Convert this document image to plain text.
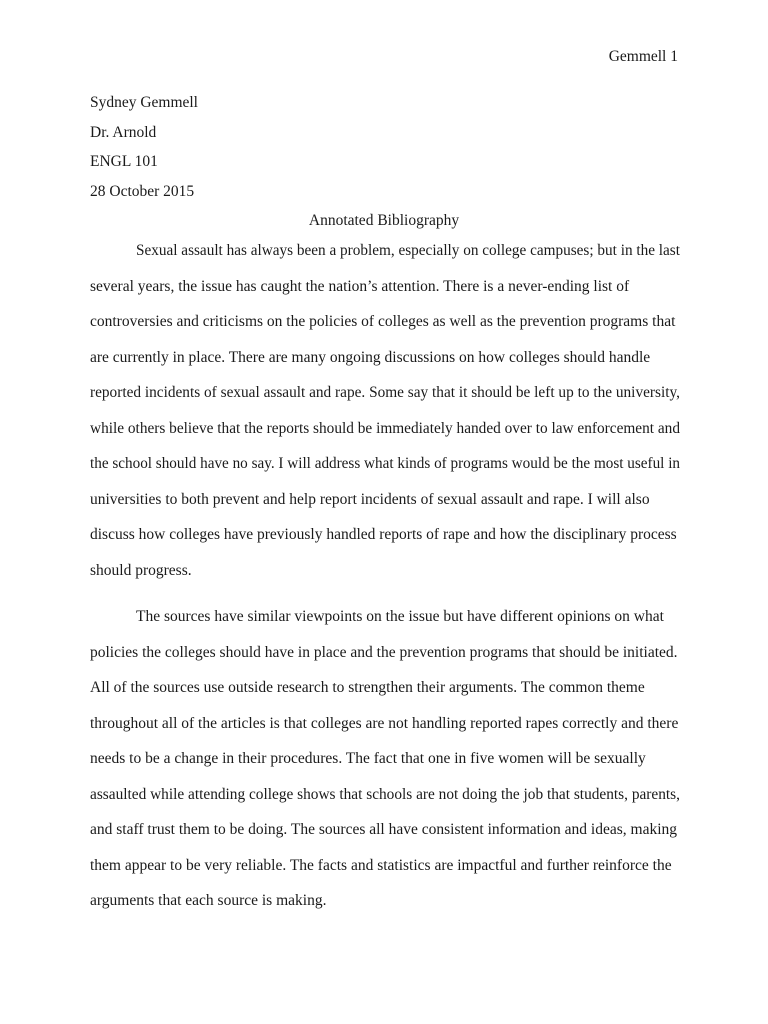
Gemmell 1
Sydney Gemmell
Dr. Arnold
ENGL 101
28 October 2015
Annotated Bibliography
Sexual assault has always been a problem, especially on college campuses; but in the last
several years, the issue has caught the nation’s attention. There is a never-ending list of
controversies and criticisms on the policies of colleges as well as the prevention programs that
are currently in place. There are many ongoing discussions on how colleges should handle
reported incidents of sexual assault and rape. Some say that it should be left up to the university,
while others believe that the reports should be immediately handed over to law enforcement and
the school should have no say. I will address what kinds of programs would be the most useful in
universities to both prevent and help report incidents of sexual assault and rape. I will also
discuss how colleges have previously handled reports of rape and how the disciplinary process
should progress.
The sources have similar viewpoints on the issue but have different opinions on what
policies the colleges should have in place and the prevention programs that should be initiated.
All of the sources use outside research to strengthen their arguments. The common theme
throughout all of the articles is that colleges are not handling reported rapes correctly and there
needs to be a change in their procedures. The fact that one in five women will be sexually
assaulted while attending college shows that schools are not doing the job that students, parents,
and staff trust them to be doing. The sources all have consistent information and ideas, making
them appear to be very reliable. The facts and statistics are impactful and further reinforce the
arguments that each source is making.
